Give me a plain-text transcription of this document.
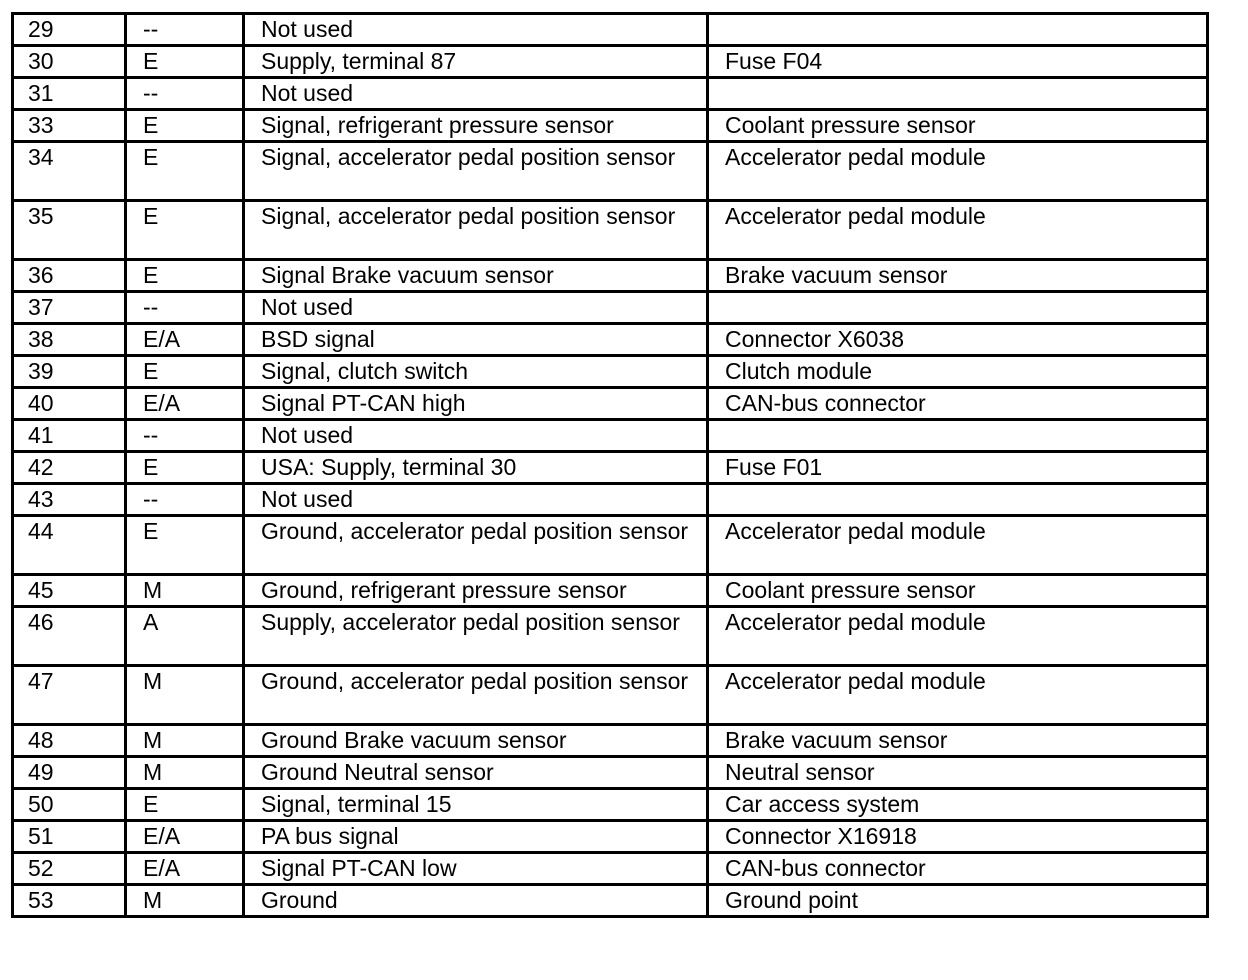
29	--	Not used	
30	E	Supply, terminal 87	Fuse F04
31	--	Not used	
33	E	Signal, refrigerant pressure sensor	Coolant pressure sensor
34	E	Signal, accelerator pedal position sensor	Accelerator pedal module
35	E	Signal, accelerator pedal position sensor	Accelerator pedal module
36	E	Signal Brake vacuum sensor	Brake vacuum sensor
37	--	Not used	
38	E/A	BSD signal	Connector X6038
39	E	Signal, clutch switch	Clutch module
40	E/A	Signal PT-CAN high	CAN-bus connector
41	--	Not used	
42	E	USA: Supply, terminal 30	Fuse F01
43	--	Not used	
44	E	Ground, accelerator pedal position sensor	Accelerator pedal module
45	M	Ground, refrigerant pressure sensor	Coolant pressure sensor
46	A	Supply, accelerator pedal position sensor	Accelerator pedal module
47	M	Ground, accelerator pedal position sensor	Accelerator pedal module
48	M	Ground Brake vacuum sensor	Brake vacuum sensor
49	M	Ground Neutral sensor	Neutral sensor
50	E	Signal, terminal 15	Car access system
51	E/A	PA bus signal	Connector X16918
52	E/A	Signal PT-CAN low	CAN-bus connector
53	M	Ground	Ground point
